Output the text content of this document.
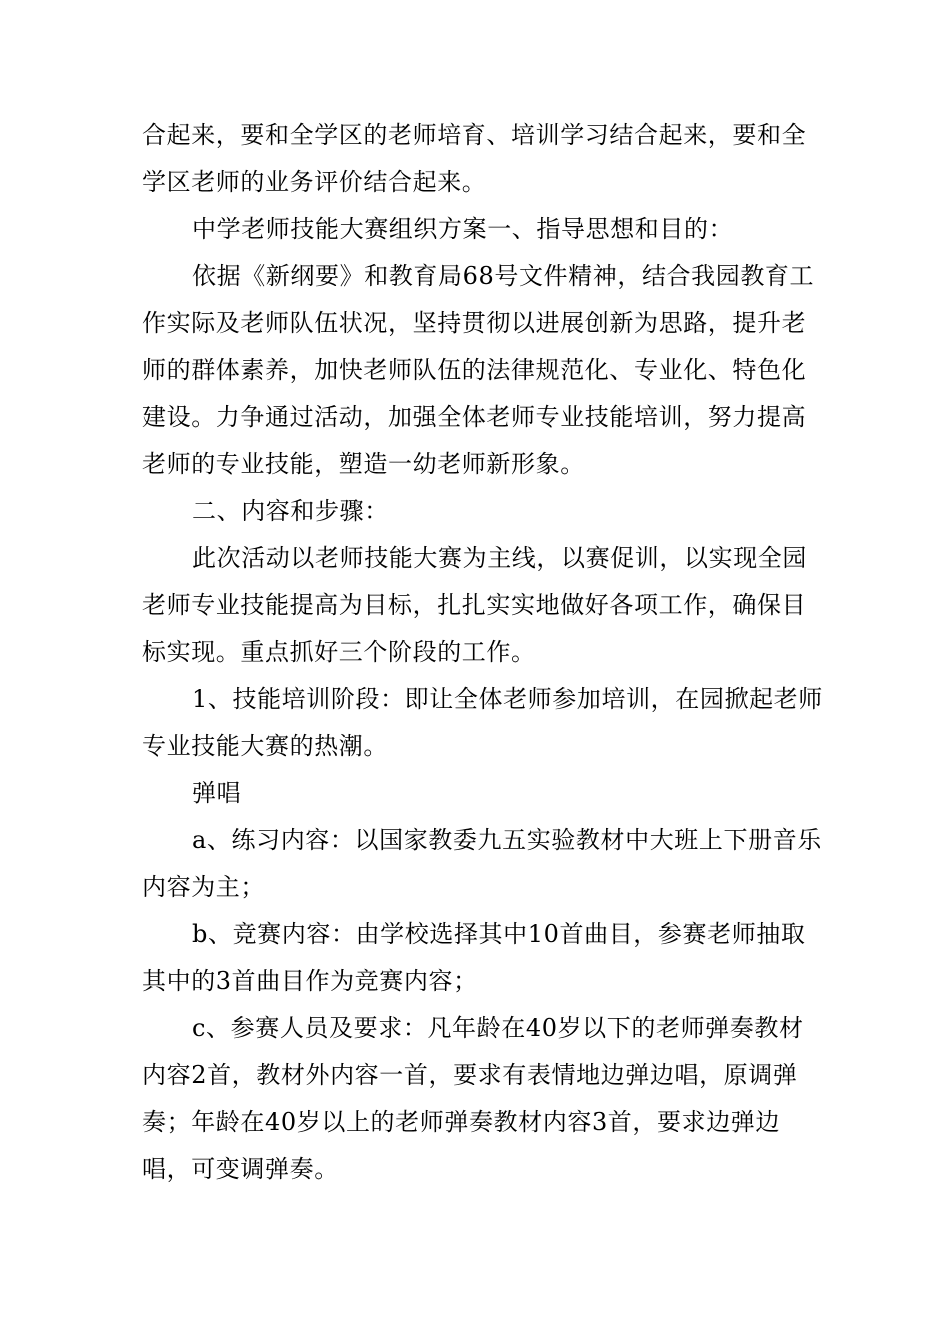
合起来，要和全学区的老师培育、培训学习结合起来，要和全
学区老师的业务评价结合起来。
中学老师技能大赛组织方案一、指导思想和目的：
依据《新纲要》和教育局68号文件精神，结合我园教育工
作实际及老师队伍状况，坚持贯彻以进展创新为思路，提升老
师的群体素养，加快老师队伍的法律规范化、专业化、特色化
建设。力争通过活动，加强全体老师专业技能培训，努力提高
老师的专业技能，塑造一幼老师新形象。
二、内容和步骤：
此次活动以老师技能大赛为主线，以赛促训，以实现全园
老师专业技能提高为目标，扎扎实实地做好各项工作，确保目
标实现。重点抓好三个阶段的工作。
1、技能培训阶段：即让全体老师参加培训，在园掀起老师
专业技能大赛的热潮。
弹唱
a、练习内容：以国家教委九五实验教材中大班上下册音乐
内容为主；
b、竞赛内容：由学校选择其中10首曲目，参赛老师抽取
其中的3首曲目作为竞赛内容；
c、参赛人员及要求：凡年龄在40岁以下的老师弹奏教材
内容2首，教材外内容一首，要求有表情地边弹边唱，原调弹
奏；年龄在40岁以上的老师弹奏教材内容3首，要求边弹边
唱，可变调弹奏。
